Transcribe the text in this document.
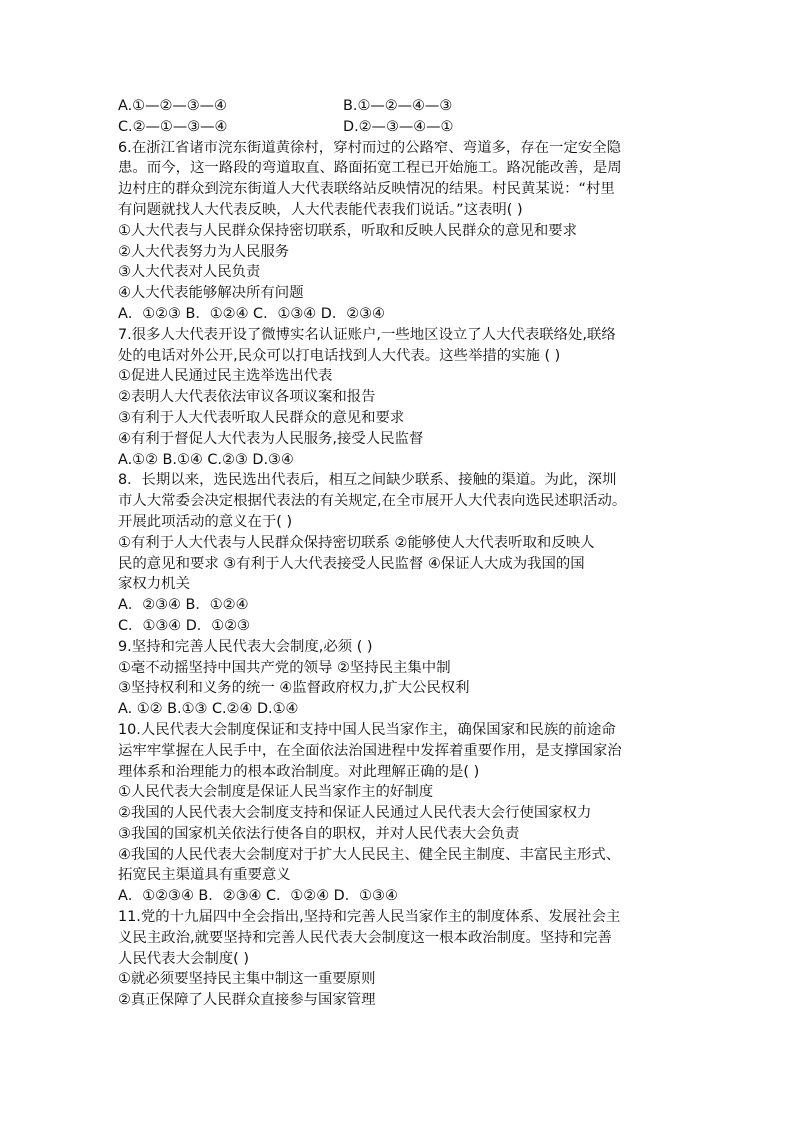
A.①—②—③—④	B.①—②—④—③
C.②—①—③—④	D.②—③—④—①
6.在浙江省诸市浣东街道黄徐村，穿村而过的公路窄、弯道多，存在一定安全隐
患。而今，这一路段的弯道取直、路面拓宽工程已开始施工。路况能改善，是周
边村庄的群众到浣东街道人大代表联络站反映情况的结果。村民黄某说：“村里
有问题就找人大代表反映，人大代表能代表我们说话。”这表明( )
①人大代表与人民群众保持密切联系，听取和反映人民群众的意见和要求
②人大代表努力为人民服务
③人大代表对人民负责
④人大代表能够解决所有问题
A．①②③ B．①②④ C．①③④ D．②③④
7.很多人大代表开设了微博实名认证账户,一些地区设立了人大代表联络处,联络
处的电话对外公开,民众可以打电话找到人大代表。这些举措的实施 ( )
①促进人民通过民主选举选出代表
②表明人大代表依法审议各项议案和报告
③有利于人大代表听取人民群众的意见和要求
④有利于督促人大代表为人民服务,接受人民监督
A.①② B.①④ C.②③ D.③④
8．长期以来，选民选出代表后，相互之间缺少联系、接触的渠道。为此，深圳
市人大常委会决定根据代表法的有关规定,在全市展开人大代表向选民述职活动。
开展此项活动的意义在于( )
①有利于人大代表与人民群众保持密切联系 ②能够使人大代表听取和反映人
民的意见和要求 ③有利于人大代表接受人民监督 ④保证人大成为我国的国
家权力机关
A．②③④ B．①②④
C．①③④ D．①②③
9.坚持和完善人民代表大会制度,必须 ( )
①毫不动摇坚持中国共产党的领导 ②坚持民主集中制
③坚持权利和义务的统一 ④监督政府权力,扩大公民权利
A. ①② B.①③ C.②④ D.①④
10.人民代表大会制度保证和支持中国人民当家作主，确保国家和民族的前途命
运牢牢掌握在人民手中，在全面依法治国进程中发挥着重要作用，是支撑国家治
理体系和治理能力的根本政治制度。对此理解正确的是( )
①人民代表大会制度是保证人民当家作主的好制度
②我国的人民代表大会制度支持和保证人民通过人民代表大会行使国家权力
③我国的国家机关依法行使各自的职权，并对人民代表大会负责
④我国的人民代表大会制度对于扩大人民民主、健全民主制度、丰富民主形式、
拓宽民主渠道具有重要意义
A．①②③④ B．②③④ C．①②④ D．①③④
11.党的十九届四中全会指出,坚持和完善人民当家作主的制度体系、发展社会主
义民主政治,就要坚持和完善人民代表大会制度这一根本政治制度。坚持和完善
人民代表大会制度( )
①就必须要坚持民主集中制这一重要原则
②真正保障了人民群众直接参与国家管理
